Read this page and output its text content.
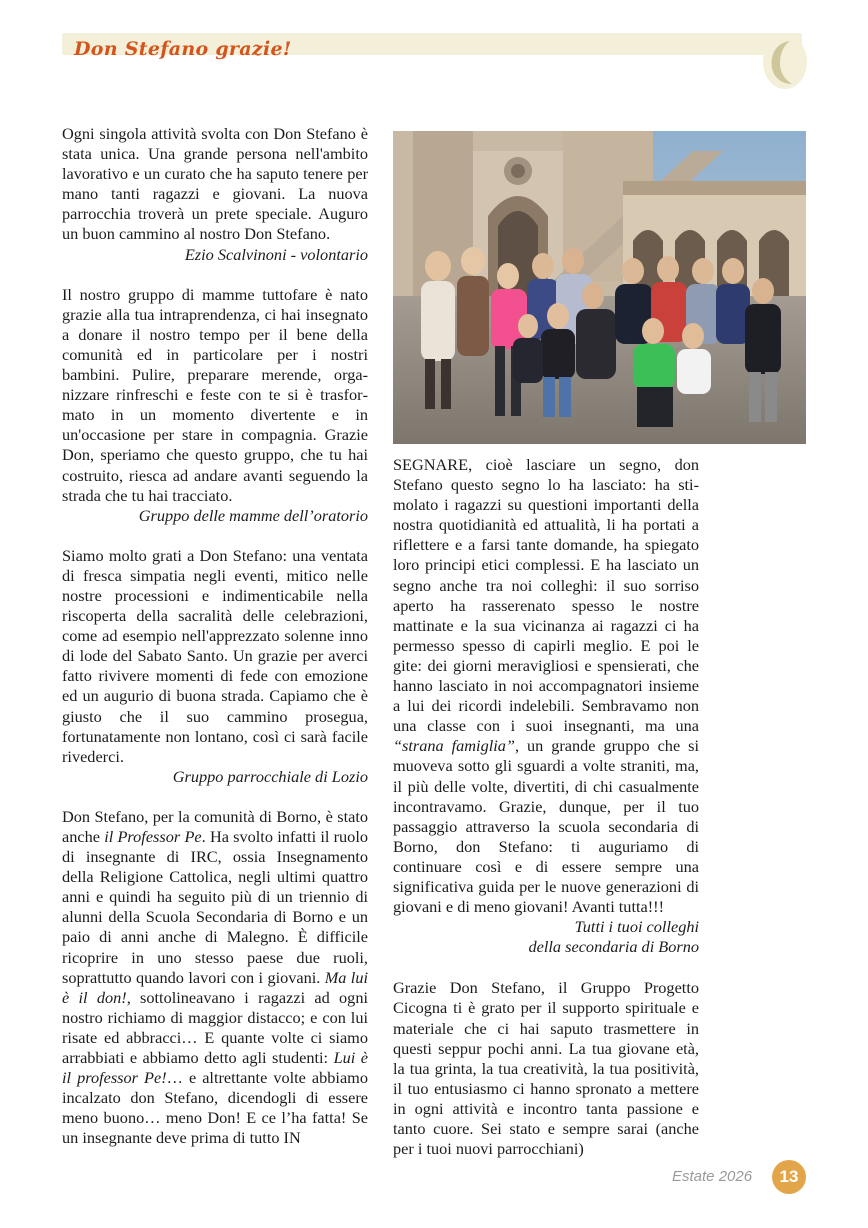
Don Stefano grazie!

Ogni singola attività svolta con Don Stefano è stata unica. Una grande persona nell'ambito lavorativo e un curato che ha saputo tenere per mano tanti ragazzi e giovani. La nuova parrocchia troverà un prete speciale. Auguro un buon cammino al nostro Don Stefano.

Ezio Scalvinoni - volontario

Il nostro gruppo di mamme tuttofare è nato grazie alla tua intraprendenza, ci hai insegnato a donare il nostro tempo per il bene della comunità ed in particolare per i nostri bambini. Pulire, preparare merende, organizzare rinfreschi e feste con te si è trasformato in un momento divertente e in un'occasione per stare in compagnia. Grazie Don, speriamo che questo gruppo, che tu hai costruito, riesca ad andare avanti seguendo la strada che tu hai tracciato.

Gruppo delle mamme dell’oratorio

Siamo molto grati a Don Stefano: una ventata di fresca simpatia negli eventi, mitico nelle nostre processioni e indimenticabile nella riscoperta della sacralità delle celebrazioni, come ad esempio nell'apprezzato solenne inno di lode del Sabato Santo. Un grazie per averci fatto rivivere momenti di fede con emozione ed un augurio di buona strada. Capiamo che è giusto che il suo cammino prosegua, fortunatamente non lontano, così ci sarà facile rivederci.

Gruppo parrocchiale di Lozio

Don Stefano, per la comunità di Borno, è stato anche il Professor Pe. Ha svolto infatti il ruolo di insegnante di IRC, ossia Insegnamento della Religione Cattolica, negli ultimi quattro anni e quindi ha seguito più di un triennio di alunni della Scuola Secondaria di Borno e un paio di anni anche di Malegno. È difficile ricoprire in uno stesso paese due ruoli, soprattutto quando lavori con i giovani. Ma lui è il don!, sottolineavano i ragazzi ad ogni nostro richiamo di maggior distacco; e con lui risate ed abbracci… E quante volte ci siamo arrabbiati e abbiamo detto agli studenti: Lui è il professor Pe!… e altrettante volte abbiamo incalzato don Stefano, dicendogli di essere meno buono… meno Don! E ce l’ha fatta! Se un insegnante deve prima di tutto IN

SEGNARE, cioè lasciare un segno, don Stefano questo segno lo ha lasciato: ha stimolato i ragazzi su questioni importanti della nostra quotidianità ed attualità, li ha portati a riflettere e a farsi tante domande, ha spiegato loro principi etici complessi. E ha lasciato un segno anche tra noi colleghi: il suo sorriso aperto ha rasserenato spesso le nostre mattinate e la sua vicinanza ai ragazzi ci ha permesso spesso di capirli meglio. E poi le gite: dei giorni meravigliosi e spensierati, che hanno lasciato in noi accompagnatori insieme a lui dei ricordi indelebili. Sembravamo non una classe con i suoi insegnanti, ma una “strana famiglia”, un grande gruppo che si muoveva sotto gli sguardi a volte straniti, ma, il più delle volte, divertiti, di chi casualmente incontravamo. Grazie, dunque, per il tuo passaggio attraverso la scuola secondaria di Borno, don Stefano: ti auguriamo di continuare così e di essere sempre una significativa guida per le nuove generazioni di giovani e di meno giovani! Avanti tutta!!!

Tutti i tuoi colleghi

della secondaria di Borno

Grazie Don Stefano, il Gruppo Progetto Cicogna ti è grato per il supporto spirituale e materiale che ci hai saputo trasmettere in questi seppur pochi anni. La tua giovane età, la tua grinta, la tua creatività, la tua positività, il tuo entusiasmo ci hanno spronato a mettere in ogni attività e incontro tanta passione e tanto cuore. Sei stato e sempre sarai (anche per i tuoi nuovi parrocchiani)

Estate 2026	13
